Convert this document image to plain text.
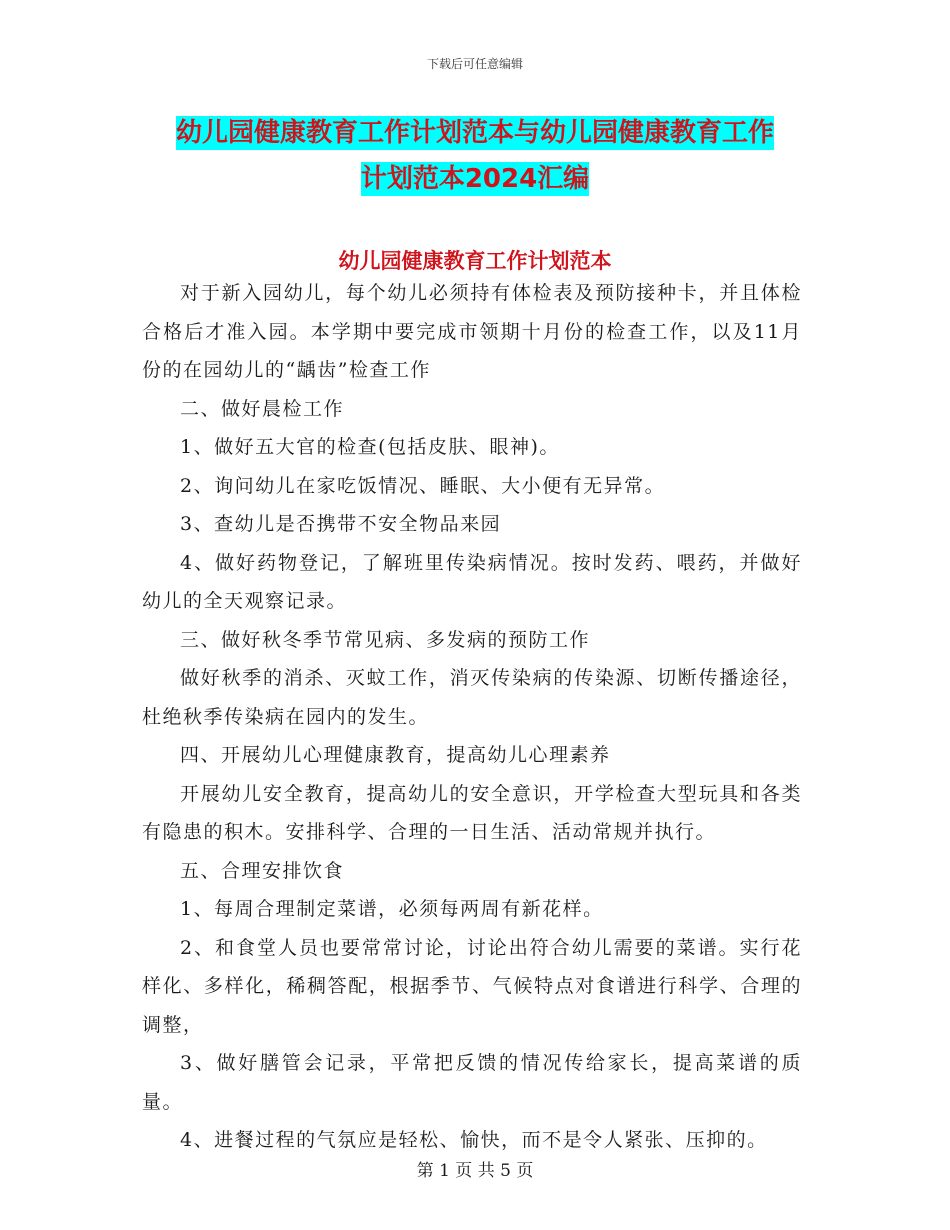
下载后可任意编辑
幼儿园健康教育工作计划范本与幼儿园健康教育工作
计划范本2024汇编
幼儿园健康教育工作计划范本

对于新入园幼儿，每个幼儿必须持有体检表及预防接种卡，并且体检合格后才准入园。本学期中要完成市领期十月份的检查工作，以及11月份的在园幼儿的“龋齿”检查工作

二、做好晨检工作

1、做好五大官的检查(包括皮肤、眼神)。

2、询问幼儿在家吃饭情况、睡眠、大小便有无异常。

3、查幼儿是否携带不安全物品来园

4、做好药物登记，了解班里传染病情况。按时发药、喂药，并做好幼儿的全天观察记录。

三、做好秋冬季节常见病、多发病的预防工作

做好秋季的消杀、灭蚊工作，消灭传染病的传染源、切断传播途径，杜绝秋季传染病在园内的发生。

四、开展幼儿心理健康教育，提高幼儿心理素养

开展幼儿安全教育，提高幼儿的安全意识，开学检查大型玩具和各类有隐患的积木。安排科学、合理的一日生活、活动常规并执行。

五、合理安排饮食

1、每周合理制定菜谱，必须每两周有新花样。

2、和食堂人员也要常常讨论，讨论出符合幼儿需要的菜谱。实行花样化、多样化，稀稠答配，根据季节、气候特点对食谱进行科学、合理的调整，

3、做好膳管会记录，平常把反馈的情况传给家长，提高菜谱的质量。

4、进餐过程的气氛应是轻松、愉快，而不是令人紧张、压抑的。

第 1 页 共 5 页
